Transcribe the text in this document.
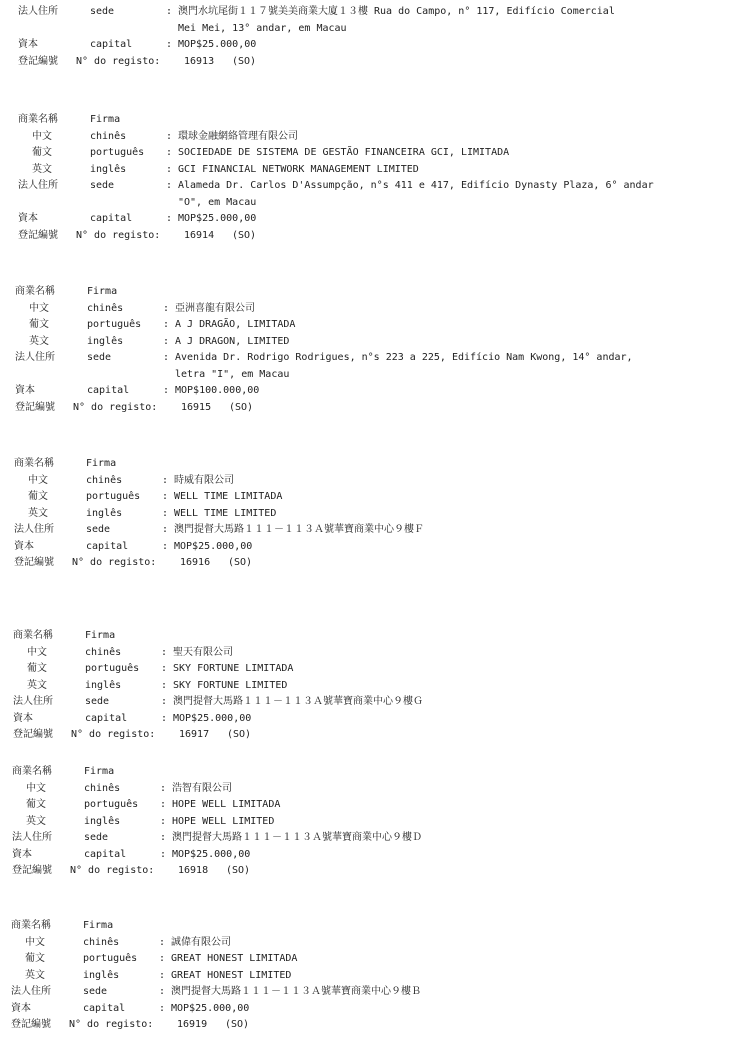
法人住所	sede	: 澳門水坑尾街１１７號美美商業大廈１３樓 Rua do Campo, n° 117, Edifício Comercial
Mei Mei, 13° andar, em Macau
資本	capital	: MOP$25.000,00
登記編號 N° do registo: 16913 (SO)
商業名稱	Firma
中文	chinês	: 環球金融網絡管理有限公司
葡文	português : SOCIEDADE DE SISTEMA DE GESTÃO FINANCEIRA GCI, LIMITADA
英文	inglês	: GCI FINANCIAL NETWORK MANAGEMENT LIMITED
法人住所	sede	: Alameda Dr. Carlos D'Assumpção, n°s 411 e 417, Edifício Dynasty Plaza, 6° andar
"O", em Macau
資本	capital	: MOP$25.000,00
登記編號 N° do registo: 16914 (SO)
商業名稱	Firma
中文	chinês	: 亞洲喜龍有限公司
葡文	português : A J DRAGÃO, LIMITADA
英文	inglês	: A J DRAGON, LIMITED
法人住所	sede	: Avenida Dr. Rodrigo Rodrigues, n°s 223 a 225, Edifício Nam Kwong, 14° andar,
letra "I", em Macau
資本	capital	: MOP$100.000,00
登記編號 N° do registo: 16915 (SO)
商業名稱	Firma
中文	chinês	: 時威有限公司
葡文	português : WELL TIME LIMITADA
英文	inglês	: WELL TIME LIMITED
法人住所	sede	: 澳門提督大馬路１１１－１１３Ａ號華寶商業中心９樓Ｆ
資本	capital	: MOP$25.000,00
登記編號 N° do registo: 16916 (SO)
商業名稱	Firma
中文	chinês	: 聖天有限公司
葡文	português : SKY FORTUNE LIMITADA
英文	inglês	: SKY FORTUNE LIMITED
法人住所	sede	: 澳門提督大馬路１１１－１１３Ａ號華寶商業中心９樓Ｇ
資本	capital	: MOP$25.000,00
登記編號 N° do registo: 16917 (SO)
商業名稱	Firma
中文	chinês	: 浩智有限公司
葡文	português : HOPE WELL LIMITADA
英文	inglês	: HOPE WELL LIMITED
法人住所	sede	: 澳門提督大馬路１１１－１１３Ａ號華寶商業中心９樓Ｄ
資本	capital	: MOP$25.000,00
登記編號 N° do registo: 16918 (SO)
商業名稱	Firma
中文	chinês	: 誠偉有限公司
葡文	português : GREAT HONEST LIMITADA
英文	inglês	: GREAT HONEST LIMITED
法人住所	sede	: 澳門提督大馬路１１１－１１３Ａ號華寶商業中心９樓Ｂ
資本	capital	: MOP$25.000,00
登記編號 N° do registo: 16919 (SO)
